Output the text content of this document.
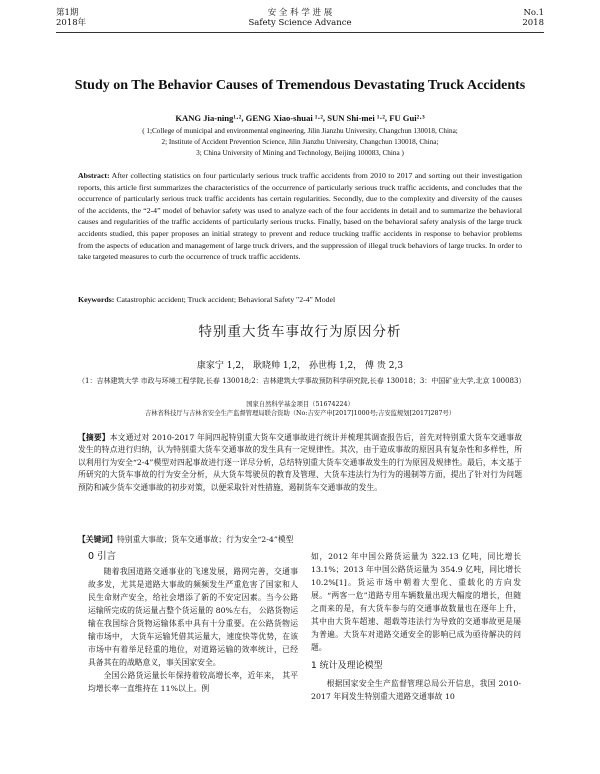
第1期
2018年
安 全 科 学 进 展
Safety Science Advance
No.1
2018
Study on The Behavior Causes of Tremendous Devastating Truck Accidents
KANG Jia-ning¹·², GENG Xiao-shuai ¹·², SUN Shi-mei ¹·², FU Gui²·³
( 1;College of municipal and environmental engineering, Jilin Jianzhu University, Changchun 130018, China;
2; Institute of Accident Prevention Science, Jilin Jianzhu University, Changchun 130018, China;
3; China University of Mining and Technology, Beijing 100083, China )
Abstract: After collecting statistics on four particularly serious truck traffic accidents from 2010 to 2017 and sorting out their investigation reports, this article first summarizes the characteristics of the occurrence of particularly serious truck traffic accidents, and concludes that the occurrence of particularly serious truck traffic accidents has certain regularities. Secondly, due to the complexity and diversity of the causes of the accidents, the “2-4” model of behavior safety was used to analyze each of the four accidents in detail and to summarize the behavioral causes and regularities of the traffic accidents of particularly serious trucks. Finally, based on the behavioral safety analysis of the large truck accidents studied, this paper proposes an initial strategy to prevent and reduce trucking traffic accidents in response to behavior problems from the aspects of education and management of large truck drivers, and the suppression of illegal truck behaviors of large trucks. In order to take targeted measures to curb the occurrence of truck traffic accidents.
Keywords: Catastrophic accident; Truck accident; Behavioral Safety "2-4" Model
特别重大货车事故行为原因分析
康家宁 1,2， 耿晓帅 1,2， 孙世梅 1,2， 傅 贵 2,3
（1：吉林建筑大学 市政与环境工程学院,长春 130018;2：吉林建筑大学事故预防科学研究院,长春 130018；3：中国矿业大学,北京 100083）
国家自然科学基金项目（51674224）
吉林省科技厅与吉林省安全生产监督管理局联合资助（No:吉安产申[2017]1000号;吉安监规划[2017]287号）
【摘要】本文通过对 2010-2017 年间四起特别重大货车交通事故进行统计并梳理其调查报告后，首先对特别重大货车交通事故发生的特点进行归纳，认为特别重大货车交通事故的发生具有一定规律性。其次，由于造成事故的原因具有复杂性和多样性，所以利用行为安全“2-4”模型对四起事故进行逐一详尽分析，总结特别重大货车交通事故发生的行为原因及规律性。最后，本文基于所研究的大货车事故的行为安全分析，从大货车驾驶员的教育及管理、大货车违法行为行为的遏制等方面，提出了针对行为问题预防和减少货车交通事故的初步对策，以便采取针对性措施，遏制货车交通事故的发生。
【关键词】特别重大事故；货车交通事故；行为安全“2-4”模型
0 引言

随着我国道路交通事业的飞速发展，路网完善，交通事故多发，尤其是道路大事故的频频发生严重危害了国家和人民生命财产安全，给社会增添了新的不安定因素。当今公路运输所完成的货运量占整个货运量的 80%左右， 公路货物运输在我国综合货物运输体系中具有十分重要。在公路货物运输市场中， 大货车运输凭借其运量大，速度快等优势，在该市场中有着举足轻重的地位，对道路运输的效率统计，已经具备其在的战略意义，事关国家安全。

全国公路货运量长年保持着较高增长率，近年来， 其平均增长率一直维持在 11%以上。例

如，2012 年中国公路货运量为 322.13 亿吨，同比增长 13.1%；2013 年中国公路货运量为 354.9 亿吨，同比增长 10.2%[1]。货运市场中朝着大型化、重载化的方向发展。“两客一危”道路专用车辆数量出现大幅度的增长，但随之而来的是，有大货车参与的交通事故数量也在逐年上升，其中由大货车超速、超载等违法行为导致的交通事故更是屡为普遍。大货车对道路交通安全的影响已成为亟待解决的问题。

1 统计及理论模型

根据国家安全生产监督管理总局公开信息，我国 2010-2017 年间发生特别重大道路交通事故 10
